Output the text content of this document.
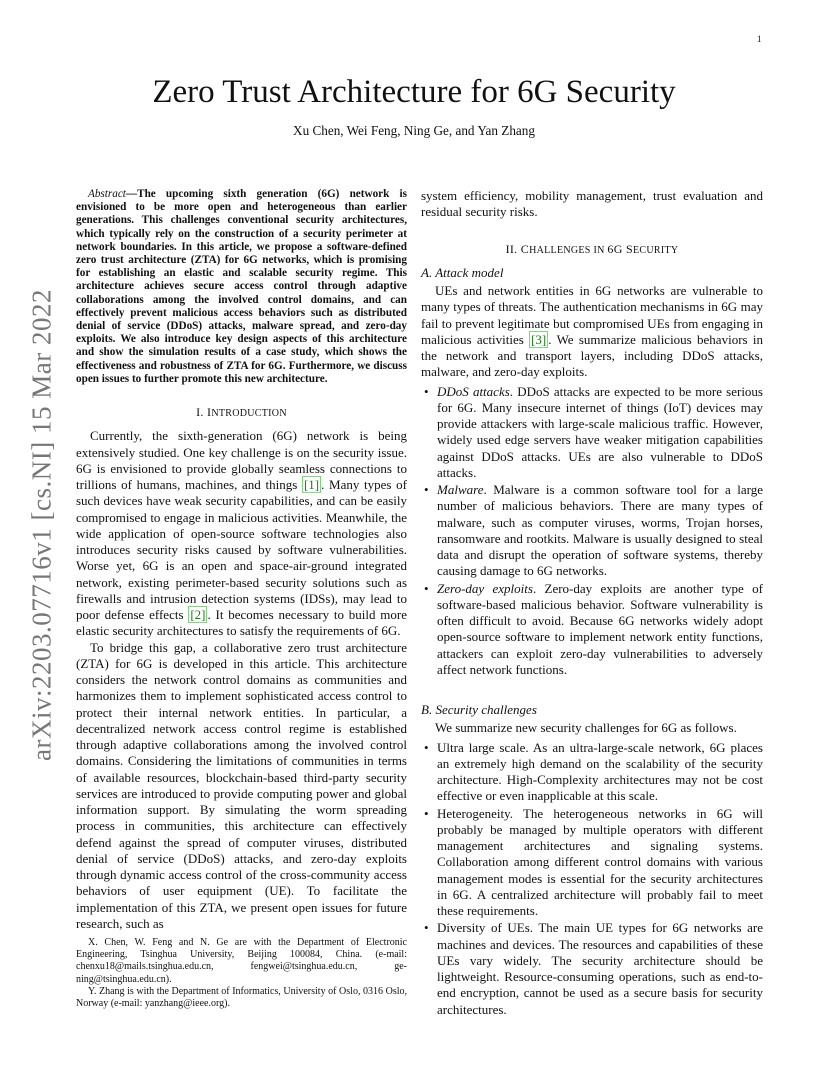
1
arXiv:2203.07716v1 [cs.NI] 15 Mar 2022
Zero Trust Architecture for 6G Security
Xu Chen, Wei Feng, Ning Ge, and Yan Zhang

Abstract—The upcoming sixth generation (6G) network is envisioned to be more open and heterogeneous than earlier generations. This challenges conventional security architectures, which typically rely on the construction of a security perimeter at network boundaries. In this article, we propose a software-defined zero trust architecture (ZTA) for 6G networks, which is promising for establishing an elastic and scalable security regime. This architecture achieves secure access control through adaptive collaborations among the involved control domains, and can effectively prevent malicious access behaviors such as distributed denial of service (DDoS) attacks, malware spread, and zero-day exploits. We also introduce key design aspects of this architecture and show the simulation results of a case study, which shows the effectiveness and robustness of ZTA for 6G. Furthermore, we discuss open issues to further promote this new architecture.

I. INTRODUCTION

Currently, the sixth-generation (6G) network is being extensively studied. One key challenge is on the security issue. 6G is envisioned to provide globally seamless connections to trillions of humans, machines, and things [1] . Many types of such devices have weak security capabilities, and can be easily compromised to engage in malicious activities. Meanwhile, the wide application of open-source software technologies also introduces security risks caused by software vulnerabilities. Worse yet, 6G is an open and space-air-ground integrated network, existing perimeter-based security solutions such as firewalls and intrusion detection systems (IDSs), may lead to poor defense effects [2] . It becomes necessary to build more elastic security architectures to satisfy the requirements of 6G.

To bridge this gap, a collaborative zero trust architecture (ZTA) for 6G is developed in this article. This architecture considers the network control domains as communities and harmonizes them to implement sophisticated access control to protect their internal network entities. In particular, a decentralized network access control regime is established through adaptive collaborations among the involved control domains. Considering the limitations of communities in terms of available resources, blockchain-based third-party security services are introduced to provide computing power and global information support. By simulating the worm spreading process in communities, this architecture can effectively defend against the spread of computer viruses, distributed denial of service (DDoS) attacks, and zero-day exploits through dynamic access control of the cross-community access behaviors of user equipment (UE). To facilitate the implementation of this ZTA, we present open issues for future research, such as

system efficiency, mobility management, trust evaluation and residual security risks.

II. CHALLENGES IN 6G SECURITY
A. Attack model

UEs and network entities in 6G networks are vulnerable to many types of threats. The authentication mechanisms in 6G may fail to prevent legitimate but compromised UEs from engaging in malicious activities [3] . We summarize malicious behaviors in the network and transport layers, including DDoS attacks, malware, and zero-day exploits.

• DDoS attacks. DDoS attacks are expected to be more serious for 6G. Many insecure internet of things (IoT) devices may provide attackers with large-scale malicious traffic. However, widely used edge servers have weaker mitigation capabilities against DDoS attacks. UEs are also vulnerable to DDoS attacks.
• Malware. Malware is a common software tool for a large number of malicious behaviors. There are many types of malware, such as computer viruses, worms, Trojan horses, ransomware and rootkits. Malware is usually designed to steal data and disrupt the operation of software systems, thereby causing damage to 6G networks.
• Zero-day exploits. Zero-day exploits are another type of software-based malicious behavior. Software vulnerability is often difficult to avoid. Because 6G networks widely adopt open-source software to implement network entity functions, attackers can exploit zero-day vulnerabilities to adversely affect network functions.
B. Security challenges

We summarize new security challenges for 6G as follows.

• Ultra large scale. As an ultra-large-scale network, 6G places an extremely high demand on the scalability of the security architecture. High-Complexity architectures may not be cost effective or even inapplicable at this scale.
• Heterogeneity. The heterogeneous networks in 6G will probably be managed by multiple operators with different management architectures and signaling systems. Collaboration among different control domains with various management modes is essential for the security architectures in 6G. A centralized architecture will probably fail to meet these requirements.
• Diversity of UEs. The main UE types for 6G networks are machines and devices. The resources and capabilities of these UEs vary widely. The security architecture should be lightweight. Resource-consuming operations, such as end-to-end encryption, cannot be used as a secure basis for security architectures.

X. Chen, W. Feng and N. Ge are with the Department of Electronic Engineering, Tsinghua University, Beijing 100084, China. (e-mail: chenxu18@mails.tsinghua.edu.cn, fengwei@tsinghua.edu.cn, ge-ning@tsinghua.edu.cn).

Y. Zhang is with the Department of Informatics, University of Oslo, 0316 Oslo, Norway (e-mail: yanzhang@ieee.org).
